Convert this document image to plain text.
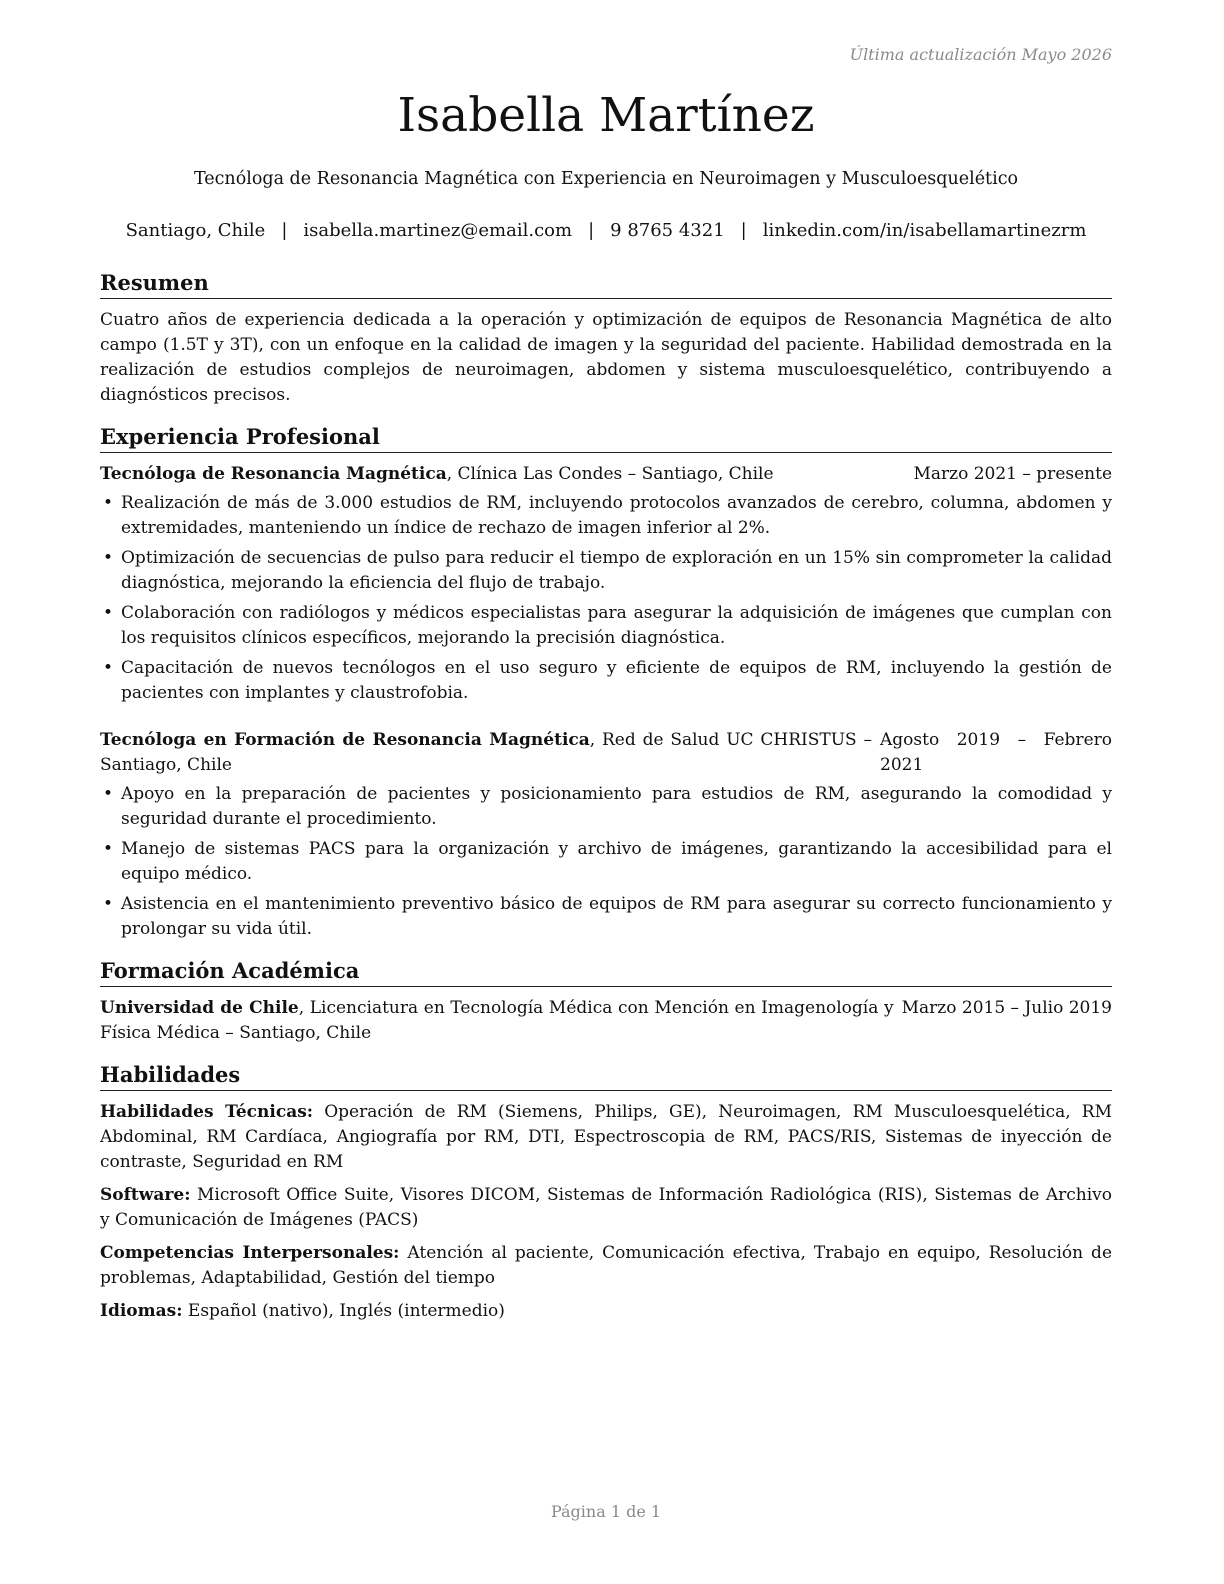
Última actualización Mayo 2026
Isabella Martínez
Tecnóloga de Resonancia Magnética con Experiencia en Neuroimagen y Musculoesquelético
Santiago, Chile | isabella.martinez@email.com | 9 8765 4321 | linkedin.com/in/isabellamartinezrm
Resumen

Cuatro años de experiencia dedicada a la operación y optimización de equipos de Resonancia Magnética de alto campo (1.5T y 3T), con un enfoque en la calidad de imagen y la seguridad del paciente. Habilidad demostrada en la realización de estudios complejos de neuroimagen, abdomen y sistema musculoesquelético, contribuyendo a diagnósticos precisos.

Experiencia Profesional
Tecnóloga de Resonancia Magnética, Clínica Las Condes – Santiago, Chile	Marzo 2021 – presente
• Realización de más de 3.000 estudios de RM, incluyendo protocolos avanzados de cerebro, columna, abdomen y extremidades, manteniendo un índice de rechazo de imagen inferior al 2%.
• Optimización de secuencias de pulso para reducir el tiempo de exploración en un 15% sin comprometer la calidad diagnóstica, mejorando la eficiencia del flujo de trabajo.
• Colaboración con radiólogos y médicos especialistas para asegurar la adquisición de imágenes que cumplan con los requisitos clínicos específicos, mejorando la precisión diagnóstica.
• Capacitación de nuevos tecnólogos en el uso seguro y eficiente de equipos de RM, incluyendo la gestión de pacientes con implantes y claustrofobia.
Tecnóloga en Formación de Resonancia Magnética, Red de Salud UC CHRISTUS – Santiago, Chile
Agosto 2019 – Febrero 2021
• Apoyo en la preparación de pacientes y posicionamiento para estudios de RM, asegurando la comodidad y seguridad durante el procedimiento.
• Manejo de sistemas PACS para la organización y archivo de imágenes, garantizando la accesibilidad para el equipo médico.
• Asistencia en el mantenimiento preventivo básico de equipos de RM para asegurar su correcto funcionamiento y prolongar su vida útil.
Formación Académica
Universidad de Chile, Licenciatura en Tecnología Médica con Mención en Imagenología y Física Médica – Santiago, Chile
Marzo 2015 – Julio 2019
Habilidades

Habilidades Técnicas: Operación de RM (Siemens, Philips, GE), Neuroimagen, RM Musculoesquelética, RM Abdominal, RM Cardíaca, Angiografía por RM, DTI, Espectroscopia de RM, PACS/RIS, Sistemas de inyección de contraste, Seguridad en RM

Software: Microsoft Office Suite, Visores DICOM, Sistemas de Información Radiológica (RIS), Sistemas de Archivo y Comunicación de Imágenes (PACS)

Competencias Interpersonales: Atención al paciente, Comunicación efectiva, Trabajo en equipo, Resolución de problemas, Adaptabilidad, Gestión del tiempo

Idiomas: Español (nativo), Inglés (intermedio)

Página 1 de 1
